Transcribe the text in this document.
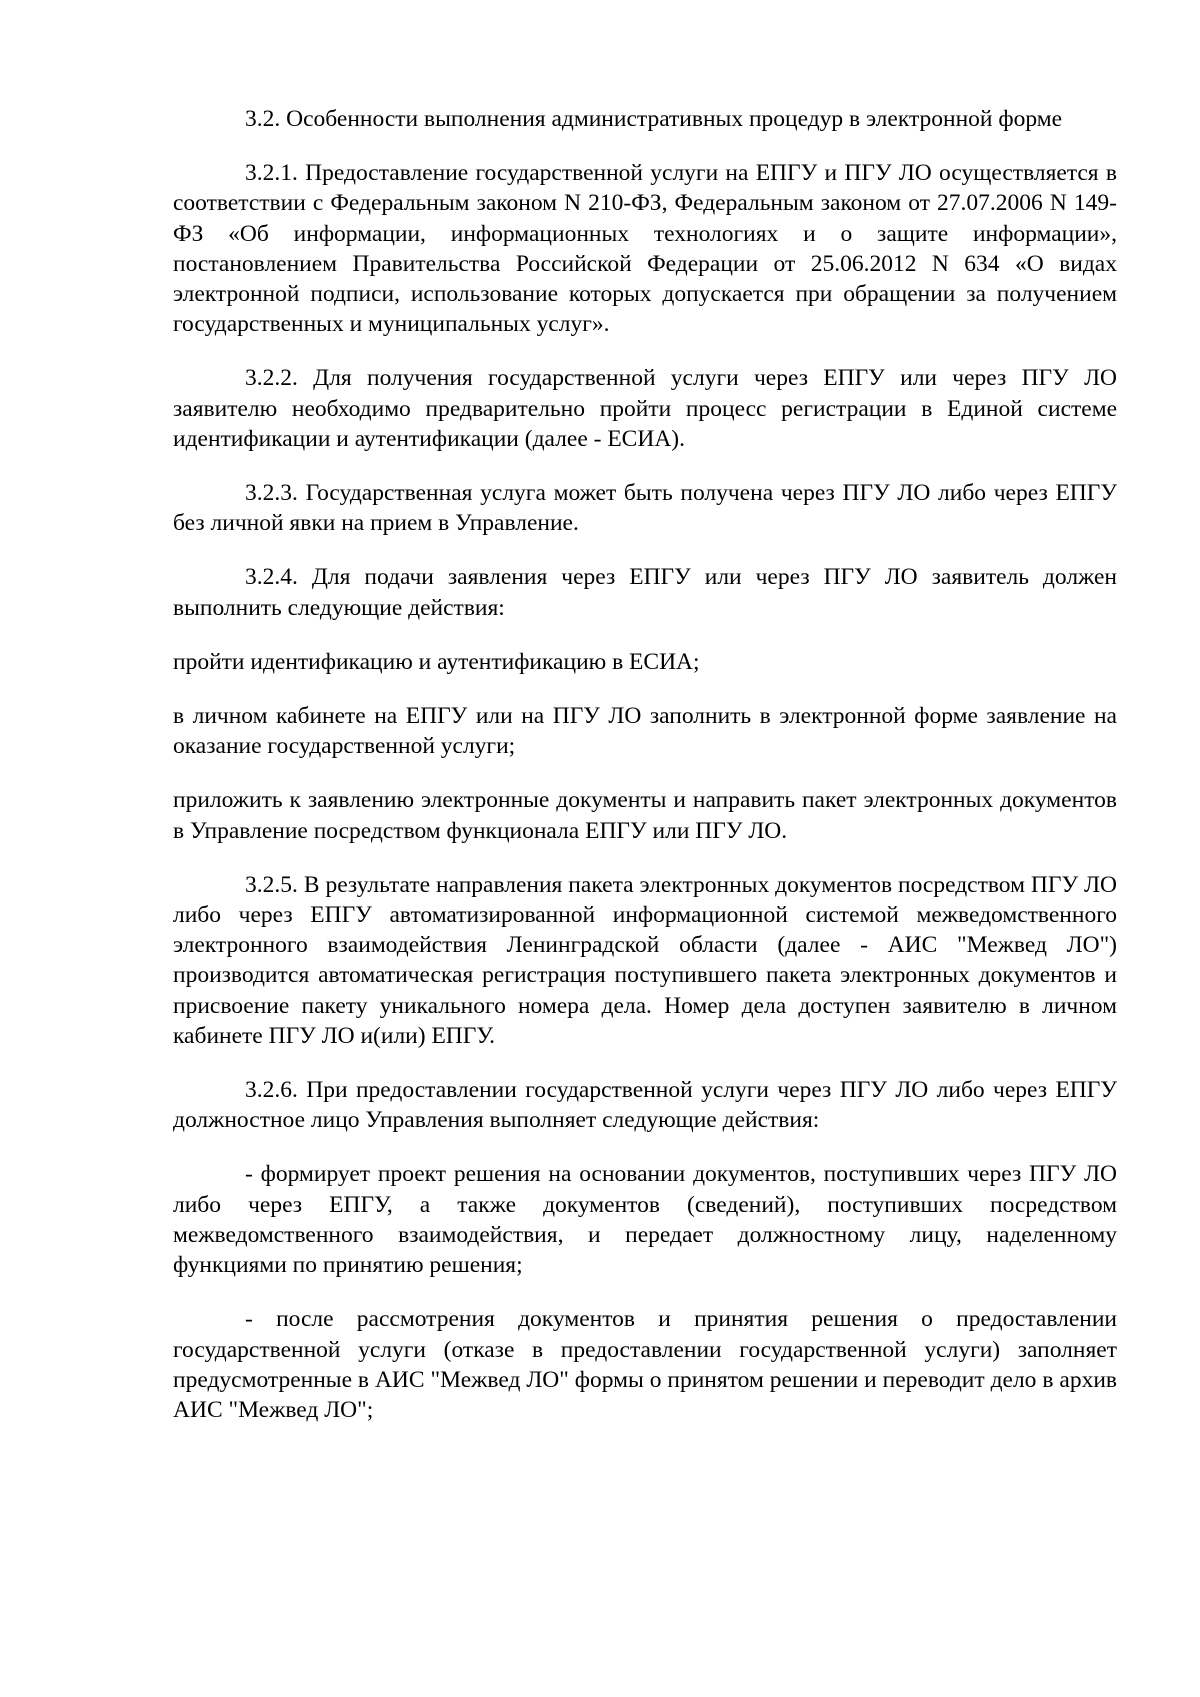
3.2. Особенности выполнения административных процедур в электронной форме

3.2.1. Предоставление государственной услуги на ЕПГУ и ПГУ ЛО осуществляется в соответствии с Федеральным законом N 210-ФЗ, Федеральным законом от 27.07.2006 N 149-ФЗ «Об информации, информационных технологиях и о защите информации», постановлением Правительства Российской Федерации от 25.06.2012 N 634 «О видах электронной подписи, использование которых допускается при обращении за получением государственных и муниципальных услуг».

3.2.2. Для получения государственной услуги через ЕПГУ или через ПГУ ЛО заявителю необходимо предварительно пройти процесс регистрации в Единой системе идентификации и аутентификации (далее - ЕСИА).

3.2.3. Государственная услуга может быть получена через ПГУ ЛО либо через ЕПГУ без личной явки на прием в Управление.

3.2.4. Для подачи заявления через ЕПГУ или через ПГУ ЛО заявитель должен выполнить следующие действия:

пройти идентификацию и аутентификацию в ЕСИА;

в личном кабинете на ЕПГУ или на ПГУ ЛО заполнить в электронной форме заявление на оказание государственной услуги;

приложить к заявлению электронные документы и направить пакет электронных документов в Управление посредством функционала ЕПГУ или ПГУ ЛО.

3.2.5. В результате направления пакета электронных документов посредством ПГУ ЛО либо через ЕПГУ автоматизированной информационной системой межведомственного электронного взаимодействия Ленинградской области (далее - АИС "Межвед ЛО") производится автоматическая регистрация поступившего пакета электронных документов и присвоение пакету уникального номера дела. Номер дела доступен заявителю в личном кабинете ПГУ ЛО и(или) ЕПГУ.

3.2.6. При предоставлении государственной услуги через ПГУ ЛО либо через ЕПГУ должностное лицо Управления выполняет следующие действия:

- формирует проект решения на основании документов, поступивших через ПГУ ЛО либо через ЕПГУ, а также документов (сведений), поступивших посредством межведомственного взаимодействия, и передает должностному лицу, наделенному функциями по принятию решения;

- после рассмотрения документов и принятия решения о предоставлении государственной услуги (отказе в предоставлении государственной услуги) заполняет предусмотренные в АИС "Межвед ЛО" формы о принятом решении и переводит дело в архив АИС "Межвед ЛО";
